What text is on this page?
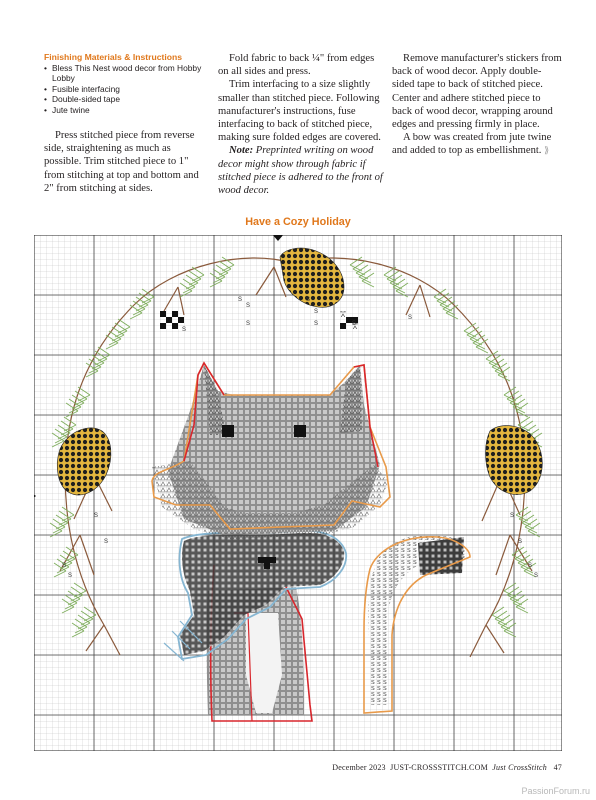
Finishing Materials & Instructions
• Bless This Nest wood decor from Hobby Lobby
• Fusible interfacing
• Double-sided tape
• Jute twine

Press stitched piece from reverse side, straightening as much as possible. Trim stitched piece to 1" from stitching at top and bottom and 2" from stitching at sides.

Fold fabric to back ¼" from edges on all sides and press.

Trim interfacing to a size slightly smaller than stitched piece. Following manufacturer's instructions, fuse interfacing to back of stitched piece, making sure folded edges are covered.

Note: Preprinted writing on wood decor might show through fabric if stitched piece is adhered to the front of wood decor.

Remove manufacturer's stickers from back of wood decor. Apply double-sided tape to back of stitched piece. Center and adhere stitched piece to back of wood decor, wrapping around edges and pressing firmly in place.

A bow was created from jute twine and added to top as embellishment. ⟫

Have a Cozy Holiday
S
S
S
S
S
S
S
S
S
S
S
S
S
S
S
S
S
December 2023 JUST-CROSSSTITCH.COM Just CrossStitch 47
PassionForum.ru
